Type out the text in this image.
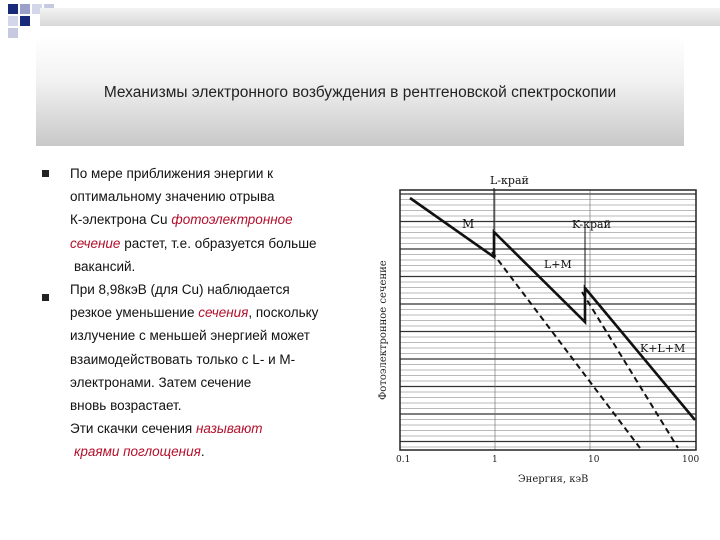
Механизмы электронного возбуждения в рентгеновской спектроскопии
По мере приближения энергии к
оптимальному значению отрыва
К-электрона Cu фотоэлектронное
сечение растет, т.е. образуется больше
вакансий.
При 8,98кэВ (для Cu) наблюдается
резкое уменьшение сечения, поскольку
излучение с меньшей энергией может
взаимодействовать только с L- и M-
электронами. Затем сечение
вновь возрастает.
Эти скачки сечения называют
краями поглощения.
L-край
M	K-край
L+M
K+L+M
Фотоэлектронное сечение
Энергия, кэВ
0.1	1	10	100
